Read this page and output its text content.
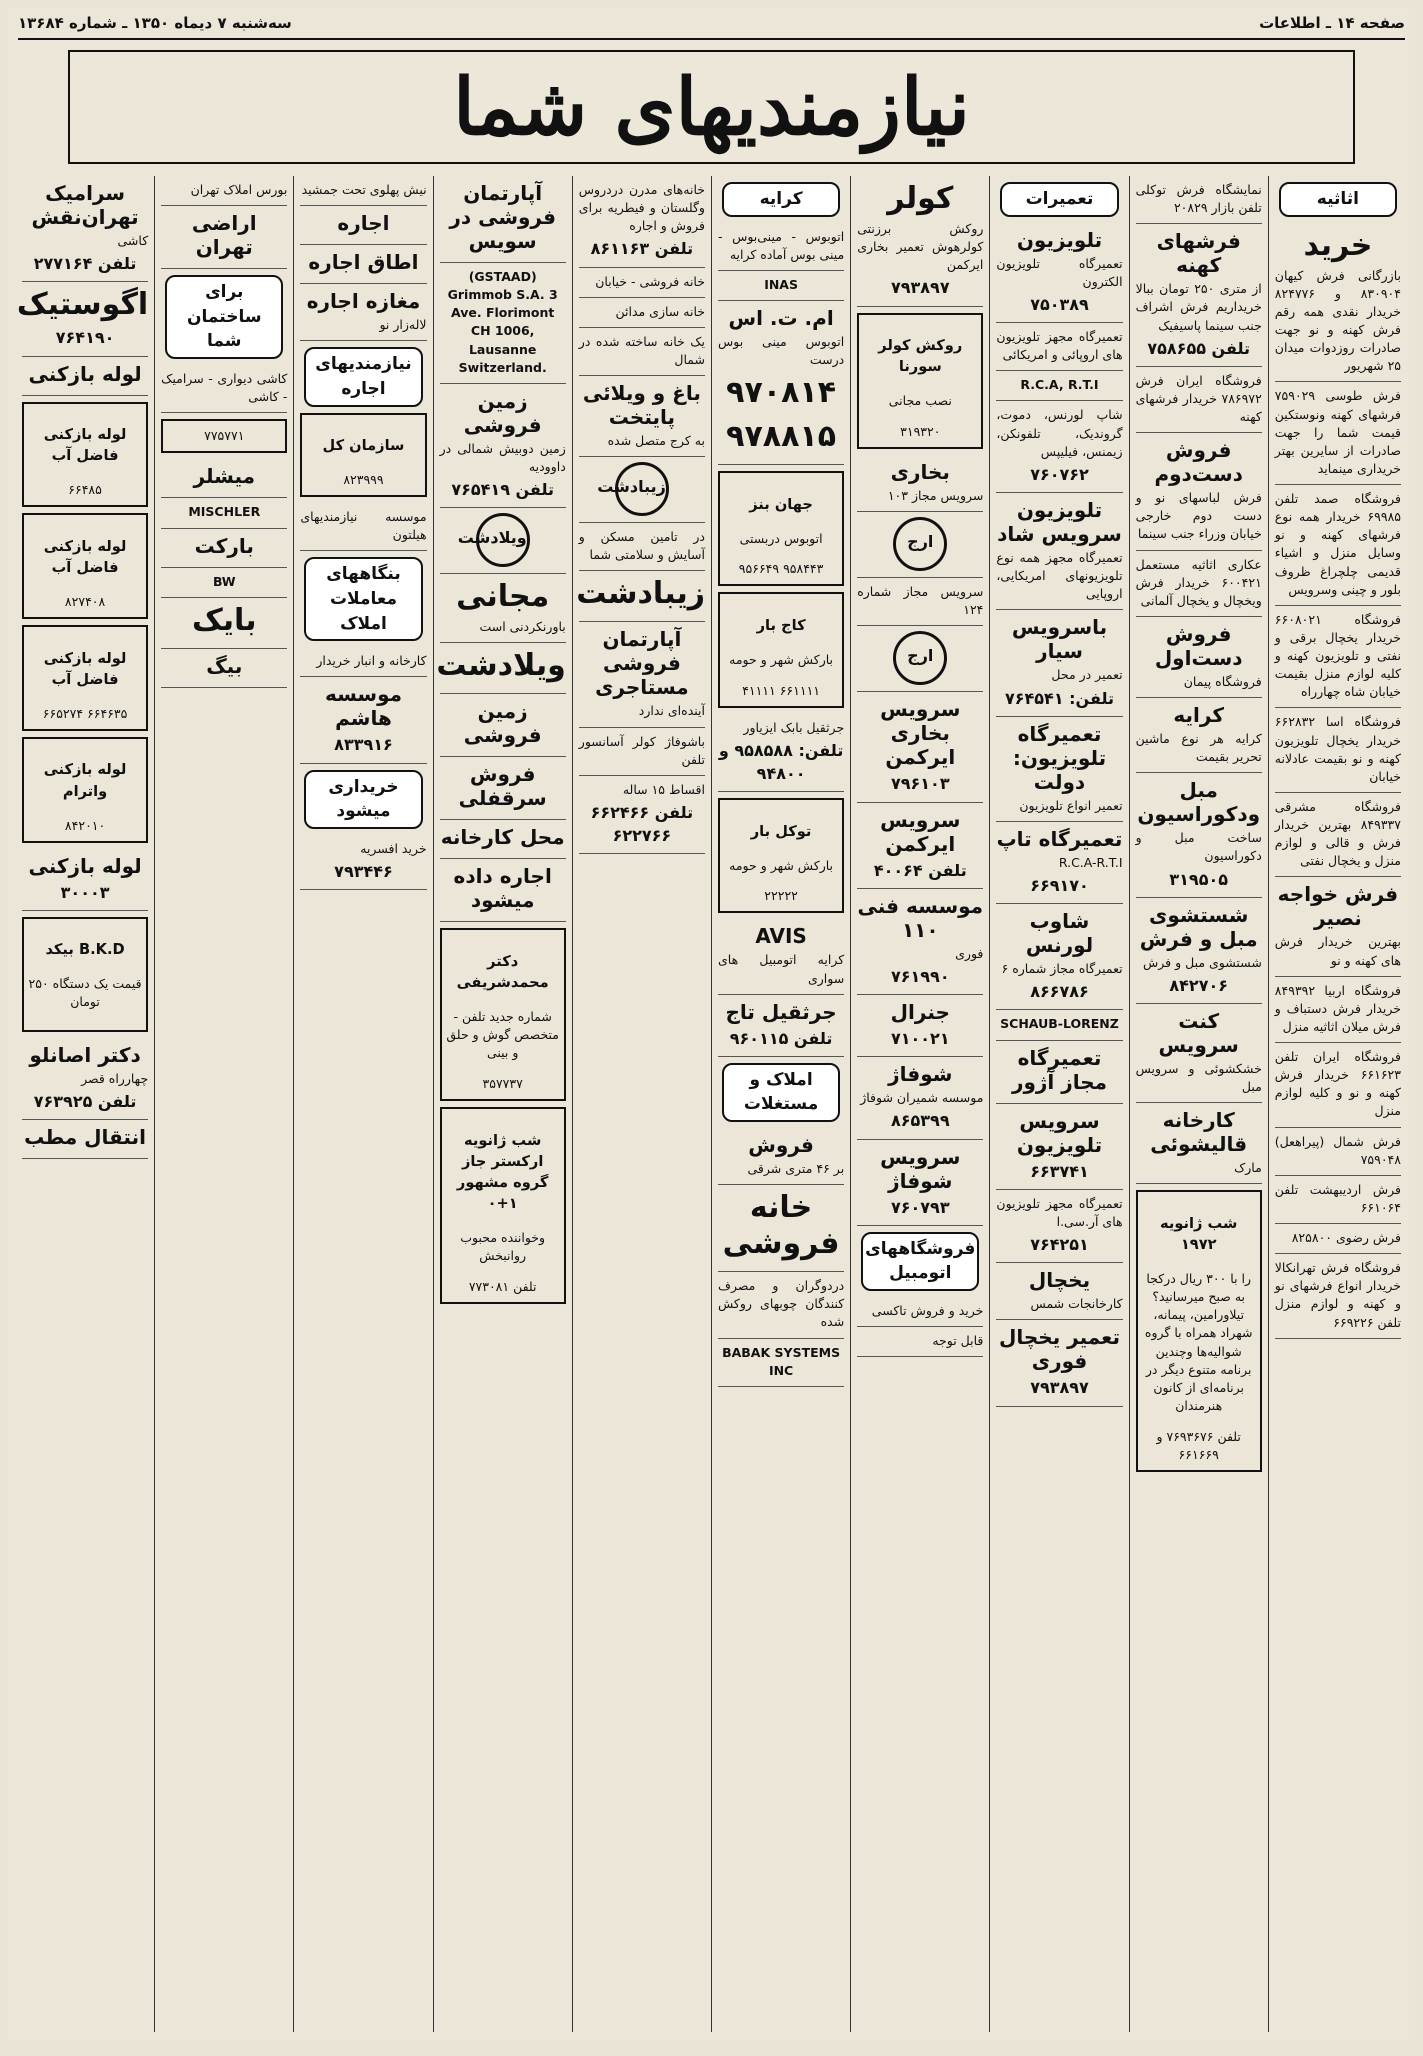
صفحه ۱۴ ـ اطلاعات
سه‌شنبه ۷ دیماه ۱۳۵۰ ـ شماره ۱۳۶۸۴
نیازمندیهای شما
اثاثیه
خرید

بازرگانی فرش کیهان ۸۳۰۹۰۴ و ۸۲۴۷۷۶ خریدار نقدی همه رقم فرش کهنه و نو جهت صادرات روزدوات میدان ۲۵ شهریور

فرش طوسی ۷۵۹۰۲۹ فرشهای کهنه ونوستکین قیمت شما را جهت صادرات از سایرین بهتر خریداری مینماید

فروشگاه صمد تلفن ۶۹۹۸۵ خریدار همه نوع فرشهای کهنه و نو وسایل منزل و اشیاء قدیمی چلچراغ ظروف بلور و چینی وسرویس

فروشگاه ۶۶۰۸۰۲۱ خریدار یخچال برقی و نفتی و تلویزیون کهنه و کلیه لوازم منزل بقیمت خیابان شاه چهارراه

فروشگاه اسا ۶۶۲۸۳۲ خریدار یخچال تلویزیون کهنه و نو بقیمت عادلانه خیابان

فروشگاه مشرقی ۸۴۹۳۳۷ بهترین خریدار فرش و قالی و لوازم منزل و یخچال نفتی

فرش خواجه نصیر

بهترین خریدار فرش های کهنه و نو

فروشگاه اربیا ۸۴۹۳۹۲ خریدار فرش دستباف و فرش میلان اثاثیه منزل

فروشگاه ایران تلفن ۶۶۱۶۲۳ خریدار فرش کهنه و نو و کلیه لوازم منزل

فرش شمال (پیراهعل) ۷۵۹۰۴۸

فرش اردیبهشت تلفن ۶۶۱۰۶۴

فرش رضوی ۸۲۵۸۰۰

فروشگاه فرش تهرانکالا خریدار انواع فرشهای نو و کهنه و لوازم منزل تلفن ۶۶۹۲۲۶

نمایشگاه فرش توکلی تلفن بازار ۲۰۸۲۹

فرشهای کهنه

از متری ۲۵۰ تومان ببالا خریداریم فرش اشراف جنب سینما پاسیفیک

تلفن ۷۵۸۶۵۵

فروشگاه ایران فرش ۷۸۶۹۷۲ خریدار فرشهای کهنه

فروش دست‌دوم

فرش لباسهای نو و دست دوم خارجی خیابان وزراء جنب سینما

عکاری اثاثیه مستعمل ۶۰۰۴۲۱ خریدار فرش ویخچال و یخچال آلمانی

فروش دست‌اول

فروشگاه پیمان

کرایه

کرایه هر نوع ماشین تحریر بقیمت

مبل ودکوراسیون

ساخت مبل و دکوراسیون

۳۱۹۵۰۵
شستشوی مبل و فرش

شستشوی مبل و فرش

۸۴۲۷۰۶
کنت سرویس

خشکشوئی و سرویس مبل

کارخانه قالیشوئی

مارک

شب ژانویه ۱۹۷۲

را با ۳۰۰ ریال درکجا به صبح میرسانید؟ تیلاورامین، پیمانه، شهراد همراه با گروه شوالیه‌ها وچندین برنامه متنوع دیگر در برنامه‌ای از کانون هنرمندان

تلفن ۷۶۹۳۶۷۶ و ۶۶۱۶۶۹
تعمیرات
تلویزیون

تعمیرگاه تلویزیون الکترون

۷۵۰۳۸۹

تعمیرگاه مجهز تلویزیون های اروپائی و امریکائی

R.C.A, R.T.I

شاپ لورنس، دموت، گروندیک، تلفونکن، زیمنس، فیلیپس

۷۶۰۷۶۲
تلویزیون سرویس شاد

تعمیرگاه مجهز همه نوع تلویزیونهای امریکایی، اروپایی

باسرویس سیار

تعمیر در محل

تلفن: ۷۶۴۵۴۱
تعمیرگاه تلویزیون: دولت

تعمیر انواع تلویزیون

تعمیرگاه تاپ

R.C.A-R.T.I

۶۶۹۱۷۰
شاوب لورنس

تعمیرگاه مجاز شماره ۶

۸۶۶۷۸۶
SCHAUB-LORENZ
تعمیرگاه مجاز آژور
سرویس تلویزیون
۶۶۳۷۴۱

تعمیرگاه مجهز تلویزیون های آر.سی.ا

۷۶۴۲۵۱
یخچال

کارخانجات شمس

تعمیر یخچال فوری
۷۹۳۸۹۷
کولر

روکش برزنتی کولرهوش تعمیر بخاری ایرکمن

۷۹۳۸۹۷
روکش کولر سورنا

نصب مجانی

۳۱۹۳۲۰
بخاری

سرویس مجاز ۱۰۳

ارج

سرویس مجاز شماره ۱۲۴

ارج
سرویس بخاری ایرکمن
۷۹۶۱۰۳
سرویس ایرکمن
تلفن ۴۰۰۶۴
موسسه فنی ۱۱۰

فوری

۷۶۱۹۹۰
جنرال
۷۱۰۰۲۱
شوفاژ

موسسه شمیران شوفاژ

۸۶۵۳۹۹
سرویس شوفاژ
۷۶۰۷۹۳
فروشگاههای اتومبیل

خرید و فروش تاکسی

قابل توجه

کرایه

اتوبوس - مینی‌بوس - مینی بوس آماده کرایه

INAS
ام. ت. اس

اتوبوس مینی بوس درست

۹۷۰۸۱۴ ۹۷۸۸۱۵
جهان بنز

اتوبوس دربستی

۹۵۸۴۴۳ ۹۵۶۶۴۹
کاج بار

بارکش شهر و حومه

۶۶۱۱۱۱ ۴۱۱۱۱

جرثقیل بابک ایزیاور

تلفن: ۹۵۸۵۸۸ و ۹۴۸۰۰
توکل بار

بارکش شهر و حومه

۲۲۲۲۲
AVIS

کرایه اتومبیل های سواری

جرثقیل تاج
تلفن ۹۶۰۱۱۵
املاک و مستغلات
فروش

بر ۴۶ متری شرقی

خانه فروشی

دردوگران و مصرف کنندگان چوبهای روکش شده

BABAK SYSTEMS INC

خانه‌های مدرن دردروس وگلستان و فیطریه برای فروش و اجاره

تلفن ۸۶۱۱۶۳

خانه فروشی - خیابان

خانه سازی مدائن

یک خانه ساخته شده در شمال

باغ و ویلائی پایتخت

به کرج متصل شده

زیبادشت

در تامین مسکن و آسایش و سلامتی شما

زیبادشت
آپارتمان فروشی مستاجری

آینده‌ای ندارد

باشوفاژ کولر آسانسور تلفن

اقساط ۱۵ ساله

تلفن ۶۶۲۴۶۶ ۶۲۲۷۶۶
آپارتمان فروشی در سویس
(GSTAAD) Grimmob S.A. 3 Ave. Florimont CH 1006, Lausanne Switzerland.
زمین فروشی

زمین دوبیش شمالی در داوودیه

تلفن ۷۶۵۴۱۹
ویلادشت
مجانی

باورنکردنی است

ویلادشت
زمین فروشی
فروش سرقفلی
محل کارخانه
اجاره داده میشود
دکتر محمدشریفی

شماره جدید تلفن - متخصص گوش و حلق و بینی

۳۵۷۷۳۷
شب ژانویه ارکستر جاز گروه مشهور ۱+۰

وخواننده محبوب روانبخش

تلفن ۷۷۳۰۸۱

نیش پهلوی تحت جمشید

اجاره
اطاق اجاره
مغازه اجاره

لاله‌زار نو

نیازمندیهای اجاره
سازمان کل
۸۲۳۹۹۹

موسسه نیازمندیهای هیلتون

بنگاههای معاملات املاک

کارخانه و انبار خریدار

موسسه هاشم
۸۳۳۹۱۶
خریداری میشود

خرید افسریه

۷۹۳۴۴۶

بورس املاک تهران

اراضی تهران
برای ساختمان شما

کاشی دیواری - سرامیک - کاشی

۷۷۵۷۷۱
میشلر
MISCHLER
بارکت
BW
بایک
بیگ
سرامیک تهران‌نقش

کاشی

تلفن ۲۷۷۱۶۴
اگوستیک
۷۶۴۱۹۰
لوله بازکنی
لوله بازکنی فاضل آب
۶۶۴۸۵
لوله بازکنی فاضل آب
۸۲۷۴۰۸
لوله بازکنی فاضل آب
۶۶۴۶۳۵ ۶۶۵۲۷۴
لوله بازکنی واترام
۸۴۲۰۱۰
لوله بازکنی
۳۰۰۰۳
B.K.D بیکد

قیمت یک دستگاه ۲۵۰ تومان

دکتر اصانلو

چهارراه قصر

تلفن ۷۶۳۹۲۵
انتقال مطب
